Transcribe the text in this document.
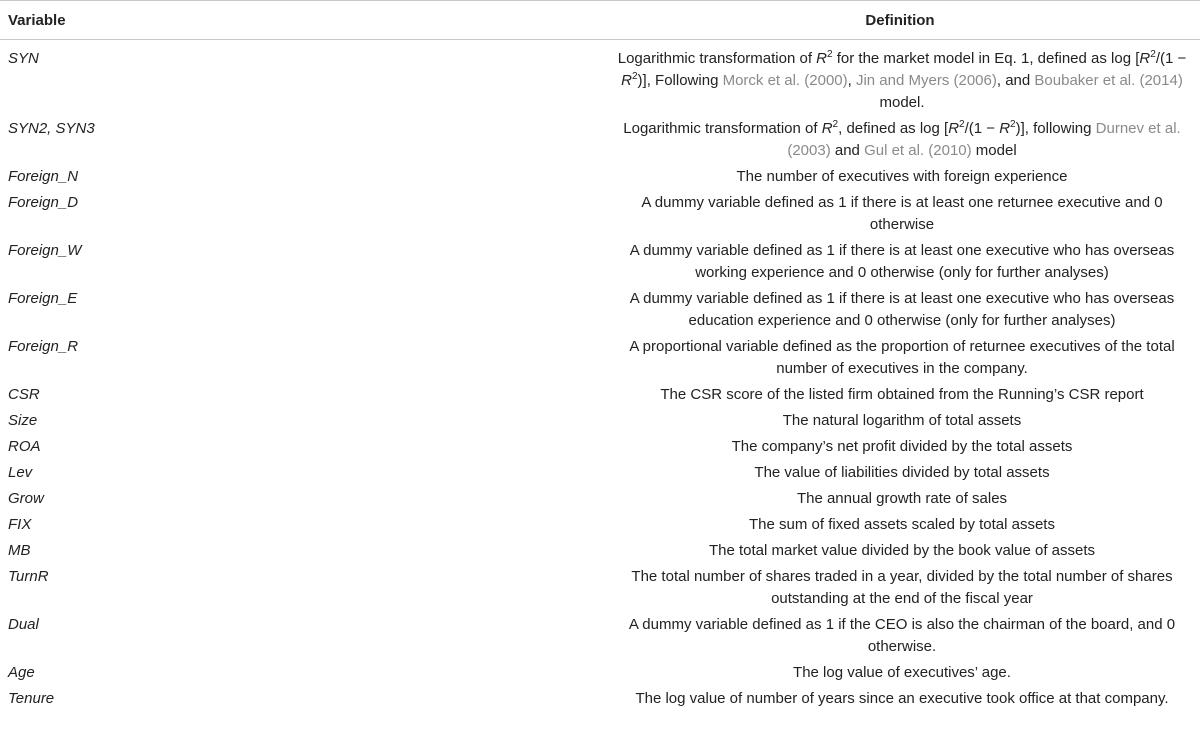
Variable	Definition
SYN	Logarithmic transformation of $R^2$ for the market model in Eq. 1, defined as $\log [R^2/(1 - R^2)]$, Following Morck et al. (2000), Jin and Myers (2006), and Boubaker et al. (2014) model.
SYN2, SYN3	Logarithmic transformation of $R^2$, defined as $\log [R^2/(1 - R^2)]$, following Durnev et al. (2003) and Gul et al. (2010) model
Foreign_N	The number of executives with foreign experience
Foreign_D	A dummy variable defined as 1 if there is at least one returnee executive and 0 otherwise
Foreign_W	A dummy variable defined as 1 if there is at least one executive who has overseas working experience and 0 otherwise (only for further analyses)
Foreign_E	A dummy variable defined as 1 if there is at least one executive who has overseas education experience and 0 otherwise (only for further analyses)
Foreign_R	A proportional variable defined as the proportion of returnee executives of the total number of executives in the company.
CSR	The CSR score of the listed firm obtained from the Running’s CSR report
Size	The natural logarithm of total assets
ROA	The company’s net profit divided by the total assets
Lev	The value of liabilities divided by total assets
Grow	The annual growth rate of sales
FIX	The sum of fixed assets scaled by total assets
MB	The total market value divided by the book value of assets
TurnR	The total number of shares traded in a year, divided by the total number of shares outstanding at the end of the fiscal year
Dual	A dummy variable defined as 1 if the CEO is also the chairman of the board, and 0 otherwise.
Age	The log value of executives’ age.
Tenure	The log value of number of years since an executive took office at that company.
